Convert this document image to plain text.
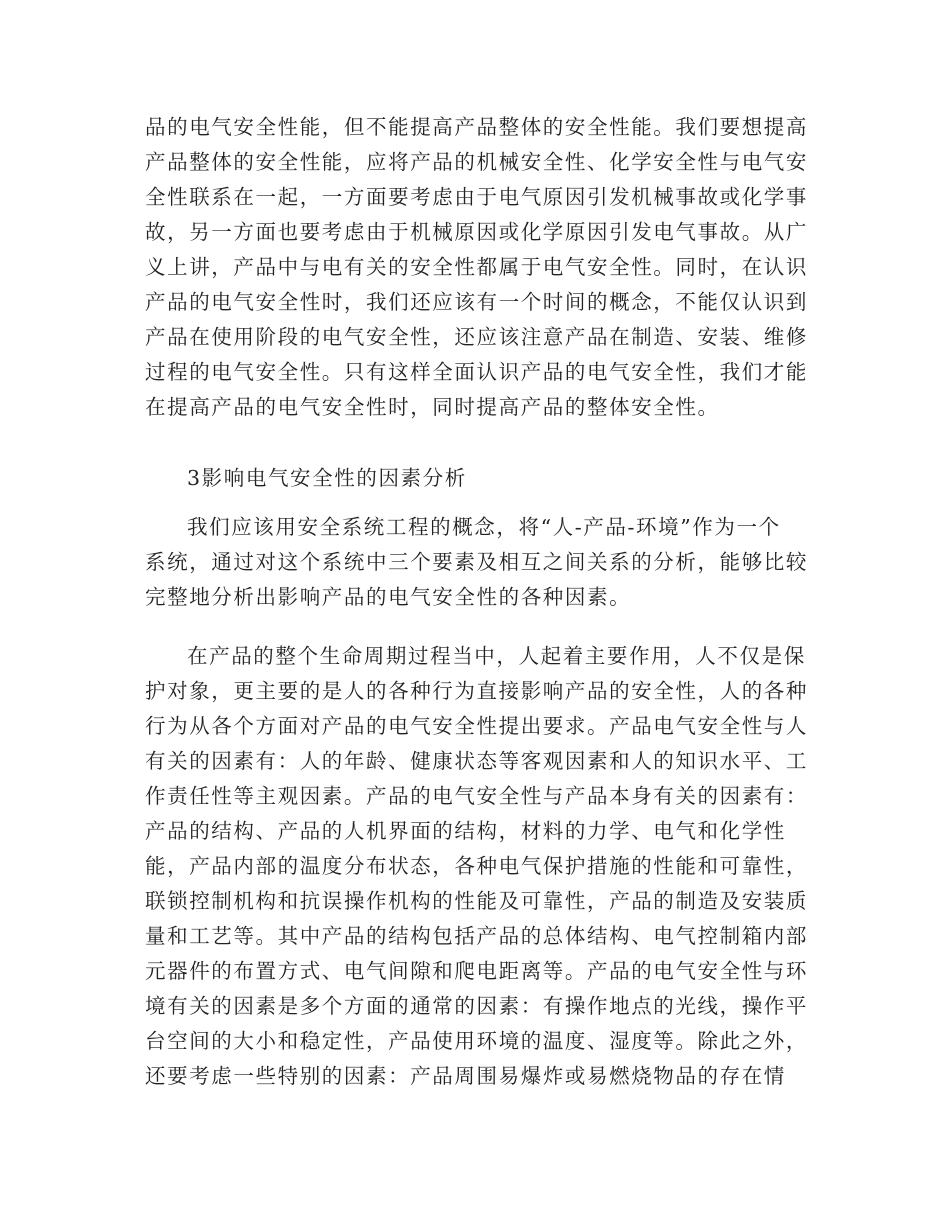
品的电气安全性能，但不能提高产品整体的安全性能。我们要想提高
产品整体的安全性能，应将产品的机械安全性、化学安全性与电气安
全性联系在一起，一方面要考虑由于电气原因引发机械事故或化学事
故，另一方面也要考虑由于机械原因或化学原因引发电气事故。从广
义上讲，产品中与电有关的安全性都属于电气安全性。同时，在认识
产品的电气安全性时，我们还应该有一个时间的概念，不能仅认识到
产品在使用阶段的电气安全性，还应该注意产品在制造、安装、维修
过程的电气安全性。只有这样全面认识产品的电气安全性，我们才能
在提高产品的电气安全性时，同时提高产品的整体安全性。
3影响电气安全性的因素分析
我们应该用安全系统工程的概念，将“人-产品-环境”作为一个
系统，通过对这个系统中三个要素及相互之间关系的分析，能够比较
完整地分析出影响产品的电气安全性的各种因素。
在产品的整个生命周期过程当中，人起着主要作用，人不仅是保
护对象，更主要的是人的各种行为直接影响产品的安全性，人的各种
行为从各个方面对产品的电气安全性提出要求。产品电气安全性与人
有关的因素有：人的年龄、健康状态等客观因素和人的知识水平、工
作责任性等主观因素。产品的电气安全性与产品本身有关的因素有：
产品的结构、产品的人机界面的结构，材料的力学、电气和化学性
能，产品内部的温度分布状态，各种电气保护措施的性能和可靠性，
联锁控制机构和抗误操作机构的性能及可靠性，产品的制造及安装质
量和工艺等。其中产品的结构包括产品的总体结构、电气控制箱内部
元器件的布置方式、电气间隙和爬电距离等。产品的电气安全性与环
境有关的因素是多个方面的通常的因素：有操作地点的光线，操作平
台空间的大小和稳定性，产品使用环境的温度、湿度等。除此之外，
还要考虑一些特别的因素：产品周围易爆炸或易燃烧物品的存在情
